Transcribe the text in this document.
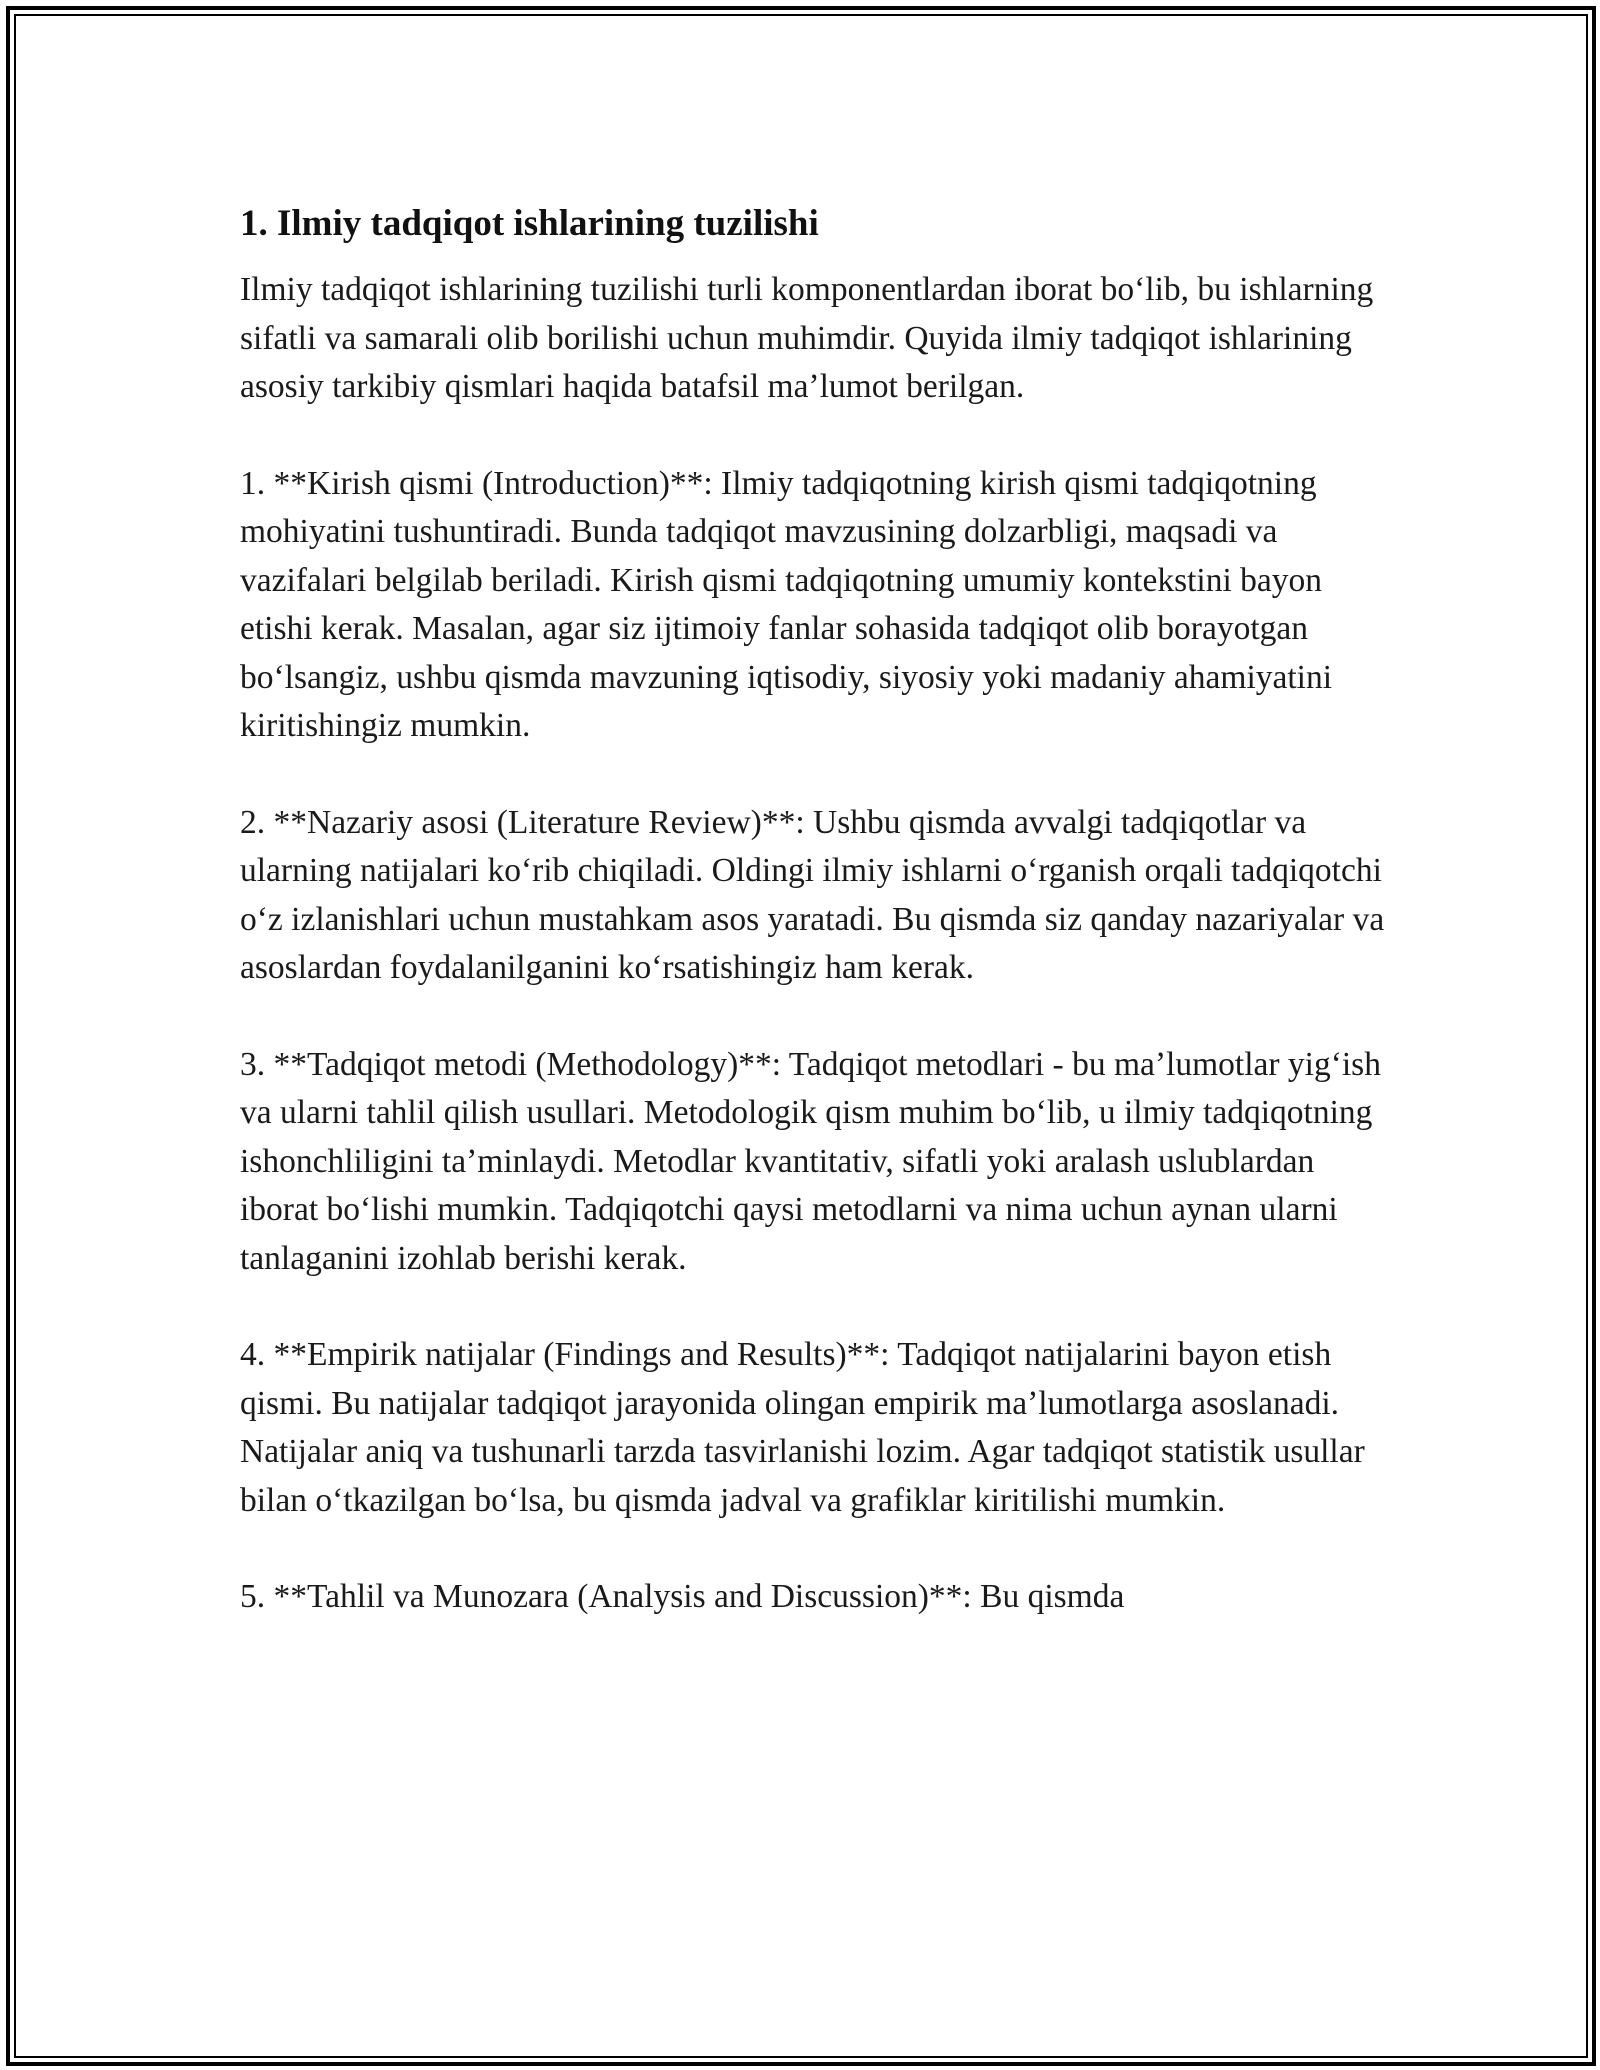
1. Ilmiy tadqiqot ishlarining tuzilishi

Ilmiy tadqiqot ishlarining tuzilishi turli komponentlardan iborat boʻlib, bu ishlarning sifatli va samarali olib borilishi uchun muhimdir. Quyida ilmiy tadqiqot ishlarining asosiy tarkibiy qismlari haqida batafsil maʼlumot berilgan.

1. **Kirish qismi (Introduction)**: Ilmiy tadqiqotning kirish qismi tadqiqotning mohiyatini tushuntiradi. Bunda tadqiqot mavzusining dolzarbligi, maqsadi va vazifalari belgilab beriladi. Kirish qismi tadqiqotning umumiy kontekstini bayon etishi kerak. Masalan, agar siz ijtimoiy fanlar sohasida tadqiqot olib borayotgan boʻlsangiz, ushbu qismda mavzuning iqtisodiy, siyosiy yoki madaniy ahamiyatini kiritishingiz mumkin.

2. **Nazariy asosi (Literature Review)**: Ushbu qismda avvalgi tadqiqotlar va ularning natijalari koʻrib chiqiladi. Oldingi ilmiy ishlarni oʻrganish orqali tadqiqotchi oʻz izlanishlari uchun mustahkam asos yaratadi. Bu qismda siz qanday nazariyalar va asoslardan foydalanilganini koʻrsatishingiz ham kerak.

3. **Tadqiqot metodi (Methodology)**: Tadqiqot metodlari - bu maʼlumotlar yigʻish va ularni tahlil qilish usullari. Metodologik qism muhim boʻlib, u ilmiy tadqiqotning ishonchliligini taʼminlaydi. Metodlar kvantitativ, sifatli yoki aralash uslublardan iborat boʻlishi mumkin. Tadqiqotchi qaysi metodlarni va nima uchun aynan ularni tanlaganini izohlab berishi kerak.

4. **Empirik natijalar (Findings and Results)**: Tadqiqot natijalarini bayon etish qismi. Bu natijalar tadqiqot jarayonida olingan empirik maʼlumotlarga asoslanadi. Natijalar aniq va tushunarli tarzda tasvirlanishi lozim. Agar tadqiqot statistik usullar bilan oʻtkazilgan boʻlsa, bu qismda jadval va grafiklar kiritilishi mumkin.

5. **Tahlil va Munozara (Analysis and Discussion)**: Bu qismda
